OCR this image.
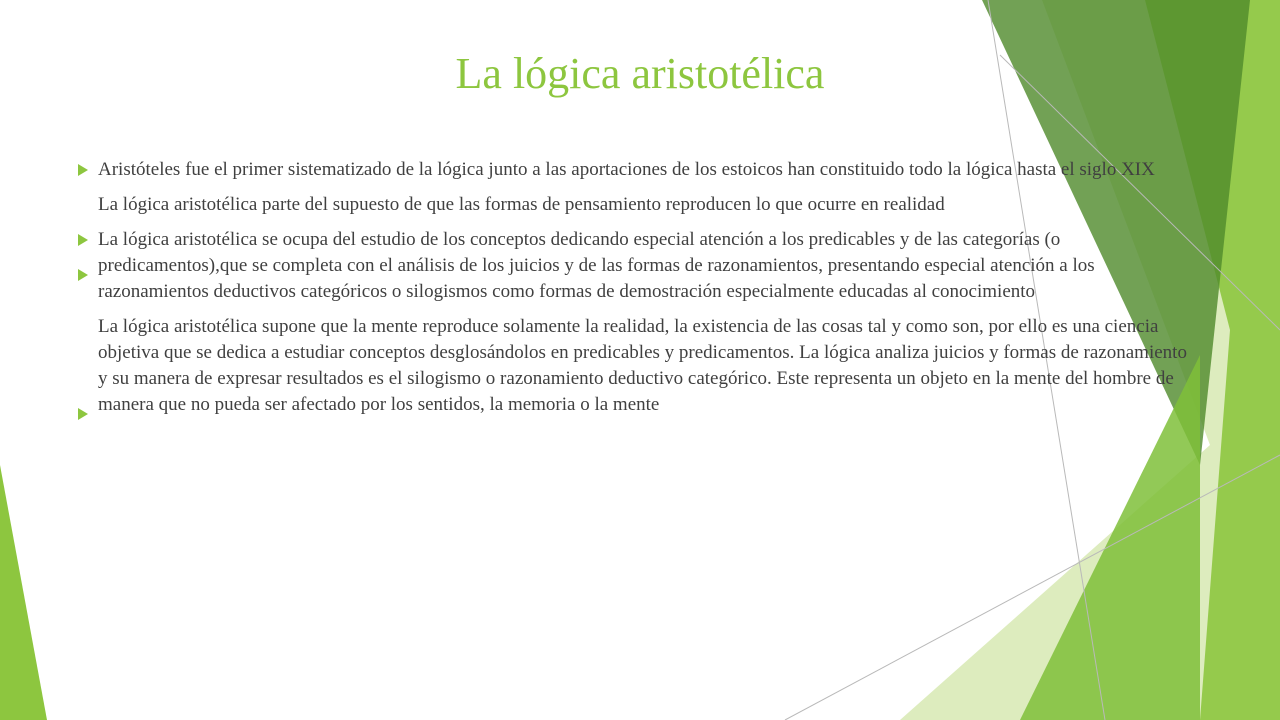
La lógica aristotélica

Aristóteles fue el primer sistematizado de la lógica junto a las aportaciones de los estoicos han constituido todo la lógica hasta el siglo XIX

La lógica aristotélica parte del supuesto de que las formas de pensamiento reproducen lo que ocurre en realidad

La lógica aristotélica se ocupa del estudio de los conceptos dedicando especial atención a los predicables y de las categorías (o predicamentos),que se completa con el análisis de los juicios y de las formas de razonamientos, presentando especial atención a los razonamientos deductivos categóricos o silogismos como formas de demostración especialmente educadas al conocimiento

La lógica aristotélica supone que la mente reproduce solamente la realidad, la existencia de las cosas tal y como son, por ello es una ciencia objetiva que se dedica a estudiar conceptos desglosándolos en predicables y predicamentos. La lógica analiza juicios y formas de razonamiento y su manera de expresar resultados es el silogismo o razonamiento deductivo categórico. Este representa un objeto en la mente del hombre de manera que no pueda ser afectado por los sentidos, la memoria o la mente
